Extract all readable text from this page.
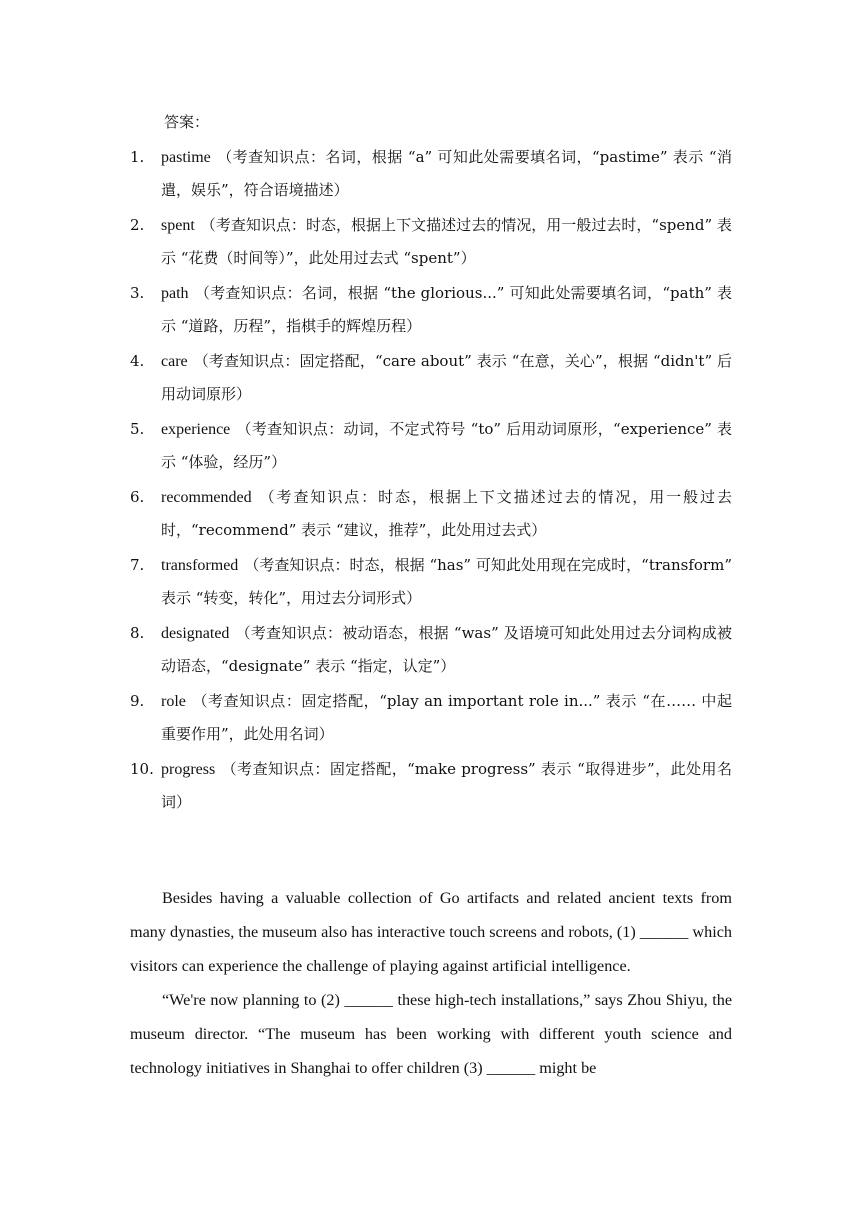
答案：
1. pastime （考查知识点：名词，根据 “a” 可知此处需要填名词，“pastime” 表示 “消遣，娱乐”，符合语境描述）
2. spent （考查知识点：时态，根据上下文描述过去的情况，用一般过去时，“spend” 表示 “花费（时间等）”，此处用过去式 “spent”）
3. path （考查知识点：名词，根据 “the glorious...” 可知此处需要填名词，“path” 表示 “道路，历程”，指棋手的辉煌历程）
4. care （考查知识点：固定搭配，“care about” 表示 “在意，关心”，根据 “didn't” 后用动词原形）
5. experience （考查知识点：动词，不定式符号 “to” 后用动词原形，“experience” 表示 “体验，经历”）
6. recommended （考查知识点：时态，根据上下文描述过去的情况，用一般过去时，“recommend” 表示 “建议，推荐”，此处用过去式）
7. transformed （考查知识点：时态，根据 “has” 可知此处用现在完成时，“transform” 表示 “转变，转化”，用过去分词形式）
8. designated （考查知识点：被动语态，根据 “was” 及语境可知此处用过去分词构成被动语态，“designate” 表示 “指定，认定”）
9. role （考查知识点：固定搭配，“play an important role in...” 表示 “在…… 中起重要作用”，此处用名词）
10. progress （考查知识点：固定搭配，“make progress” 表示 “取得进步”，此处用名词）

Besides having a valuable collection of Go artifacts and related ancient texts from many dynasties, the museum also has interactive touch screens and robots, (1) ______ which visitors can experience the challenge of playing against artificial intelligence.

“We're now planning to (2) ______ these high-tech installations,” says Zhou Shiyu, the museum director. “The museum has been working with different youth science and technology initiatives in Shanghai to offer children (3) ______ might be
